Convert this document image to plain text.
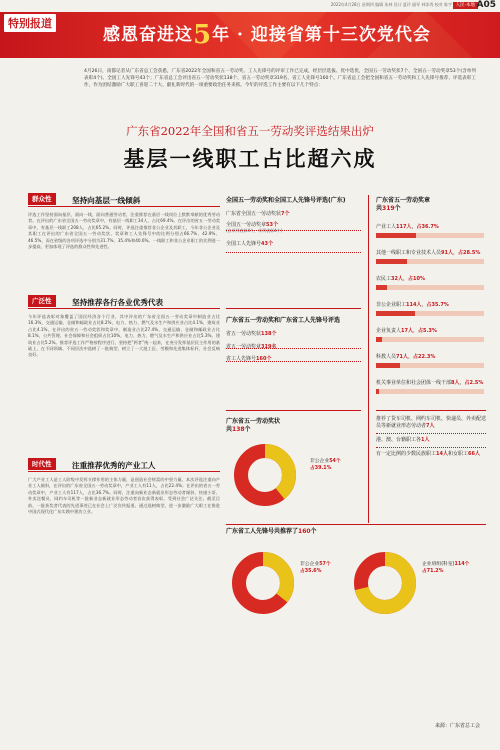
2022年4月28日 星期四 编辑 朱林 设计 夏玲 副导 林添秀 校对 陈宇 人民·本地 A05
特别报道
感恩奋进这5年 · 迎接省第十三次党代会
4月26日，南都记者从广东省总工会获悉，广东省2022年全国和省五一劳动奖、工人先锋号的评审工作已完成，经层层选拔、优中选优，全国五一劳动奖状7个、全国五一劳动奖章53个(含单列表彰4个)、全国工人先锋号43个；广东省总工会评出省五一劳动奖状138个、省五一劳动奖章319名、省工人先锋号160个。广东省总工会把全国和省五一劳动奖和工人先锋号推荐、评选表彰工作，作为团结激励广大职工喜迎二十大、献礼新时代的一项重要政治任务来抓。今年的评选工作主要有以下几个特点：
广东省2022年全国和省五一劳动奖评选结果出炉
基层一线职工占比超六成
群众性	坚持向基层一线倾斜
评选工作坚持面向基层、面向一线，面向普通劳动者，注重推荐在基层一线岗位上默默奉献的优秀劳动者。在评出的广东省全国五一劳动奖章中，有基层一线职工34人，占比69.4%。在评出的省五一劳动奖章中，有基层一线职工208人，占比65.2%。同时，评选注重推荐非公企业及其职工，今年非公企业及其职工在评出的广东省全国五一劳动奖状、奖章和工人先锋号中的比例分别占66.7%、42.9%、46.5%，而在省级的各项评选中分别为31.7%、35.4%和40.6%。一线职工和非公企业职工的比例进一步提高，更加体现了评选的群众性和先进性。
广泛性	坚持推荐各行各业优秀代表
今年评选表彰对象覆盖了国民经济各个行业，其中评出的广东省全国五一劳动奖章中制造业占比16.3%，交通运输、仓储和邮政业占比8.2%，电力、热力、燃气及水生产和供应业占比4.1%，建筑业占比4.1%，在评出的省五一劳动奖状和奖章中，制造业占比27.4%，交通运输、仓储和邮政业占比8.1%，公共管理、社会保障和社会组织占比10%，电力、热力、燃气及水生产和供应业占比5.3%，建筑业占比5.2%。推荐评选工作严格按程序进行，坚持把“两者”统一起来，在充分发挥基层民主作用的基础上，在不同领域、不同层次中选树了一批典型，树立了一大批工匠、劳模和先进集体标杆，社会反响良好。
时代性	注重推荐优秀的产业工人
广大产业工人是工人阶级中发挥支撑作用的主体力量，是创造社会财富的中坚力量。本次评选注重向产业工人倾斜，在评出的广东省全国五一劳动奖章中，产业工人有11人，占比22.4%；在评出的省五一劳动奖章中，产业工人有117人，占比36.7%。同时，注重向新业态新就业形态劳动者倾斜，快递小哥、外卖送餐员、网约车司机等一批新业态新就业形态劳动者首次获得表彰，受到社会广泛关注。截至目前，一批获奖者代表的先进事迹已在社会上广泛宣传报道。通过选树典型，进一步激励广大职工在推进中国式现代化广东实践中建功立业。
全国五一劳动奖和全国工人先锋号评选(广东)
广东省全国五一劳动奖状7个
全国五一劳动奖章53个
(含单列表彰4个，单列表彰4个)
全国工人先锋号43个
广东省五一劳动奖和广东省工人先锋号评选
省五一劳动奖状138个
省五一劳动奖章319名
省工人先锋号160个
广东省五一劳动奖状
共138个
非公企业54个
占39.1%
广东省五一劳动奖章
共319个
产业工人117人，占36.7%
其他一线职工和专业技术人员91人，占28.5%
农民工32人，占10%
非公企业职工114人，占35.7%
企业负责人17人，占5.3%
科教人员71人，占22.3%
机关事业单位和社会团体一线干部8人，占2.5%
推荐了货车司机、网约车司机、快递员、外卖配送员等新就业形态劳动者7人
港、澳、台籍职工各1人
有一定比例的少数民族职工14人和女职工66人
广东省工人先锋号共推荐了160个
非公企业57个
占35.6%
企业班组(科室)114个
占71.2%
来源：广东省总工会
